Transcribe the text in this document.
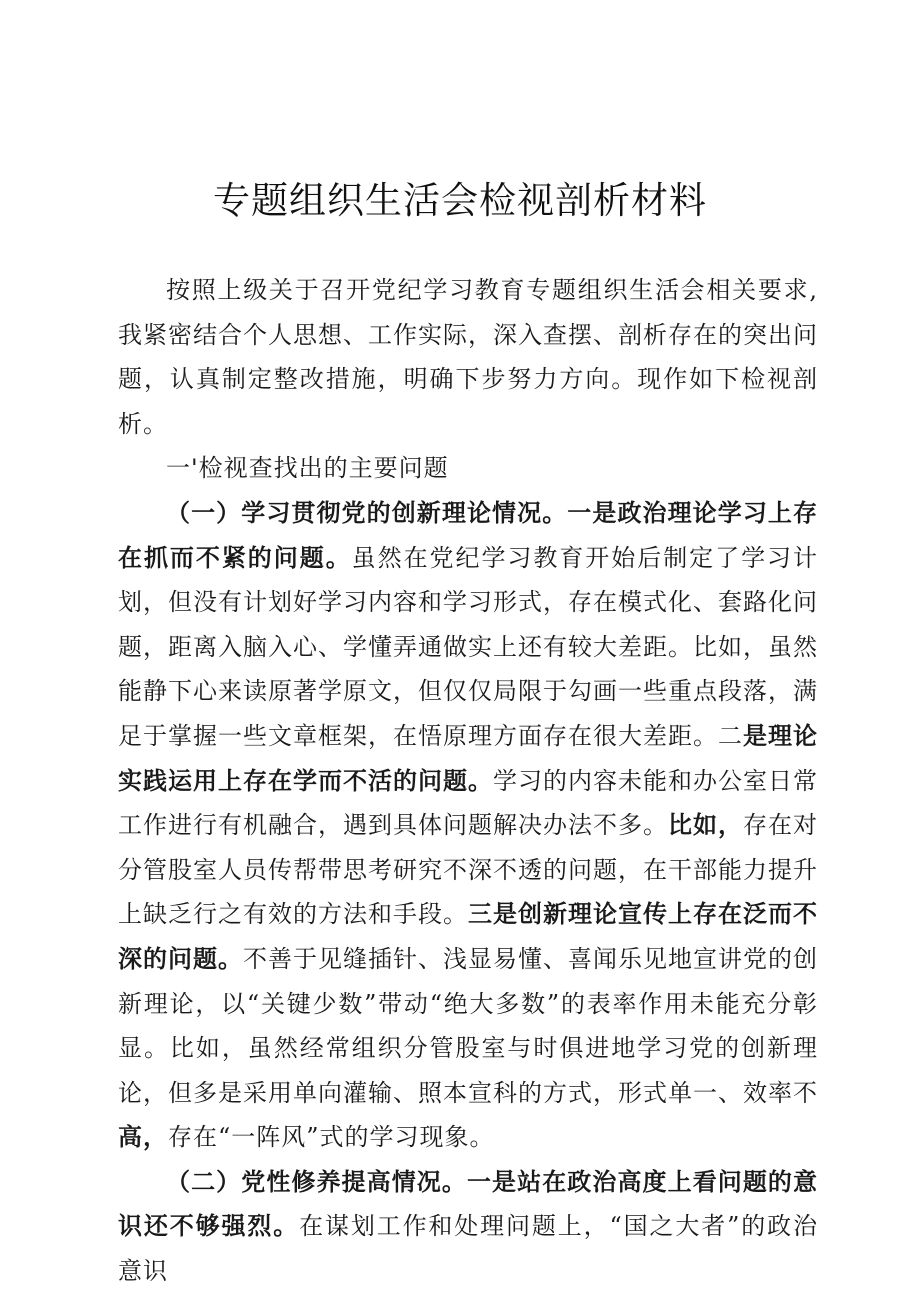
专题组织生活会检视剖析材料

按照上级关于召开党纪学习教育专题组织生活会相关要求,我紧密结合个人思想、工作实际，深入查摆、剖析存在的突出问题，认真制定整改措施，明确下步努力方向。现作如下检视剖析。

一'检视查找出的主要问题

（一）学习贯彻党的创新理论情况。一是政治理论学习上存在抓而不紧的问题。虽然在党纪学习教育开始后制定了学习计划，但没有计划好学习内容和学习形式，存在模式化、套路化问题，距离入脑入心、学懂弄通做实上还有较大差距。比如，虽然能静下心来读原著学原文，但仅仅局限于勾画一些重点段落，满足于掌握一些文章框架，在悟原理方面存在很大差距。二是理论实践运用上存在学而不活的问题。学习的内容未能和办公室日常工作进行有机融合，遇到具体问题解决办法不多。比如，存在对分管股室人员传帮带思考研究不深不透的问题，在干部能力提升上缺乏行之有效的方法和手段。三是创新理论宣传上存在泛而不深的问题。不善于见缝插针、浅显易懂、喜闻乐见地宣讲党的创新理论，以“关键少数”带动“绝大多数”的表率作用未能充分彰显。比如，虽然经常组织分管股室与时俱进地学习党的创新理论，但多是采用单向灌输、照本宣科的方式，形式单一、效率不高，存在“一阵风”式的学习现象。

（二）党性修养提高情况。一是站在政治高度上看问题的意识还不够强烈。在谋划工作和处理问题上，“国之大者”的政治意识
